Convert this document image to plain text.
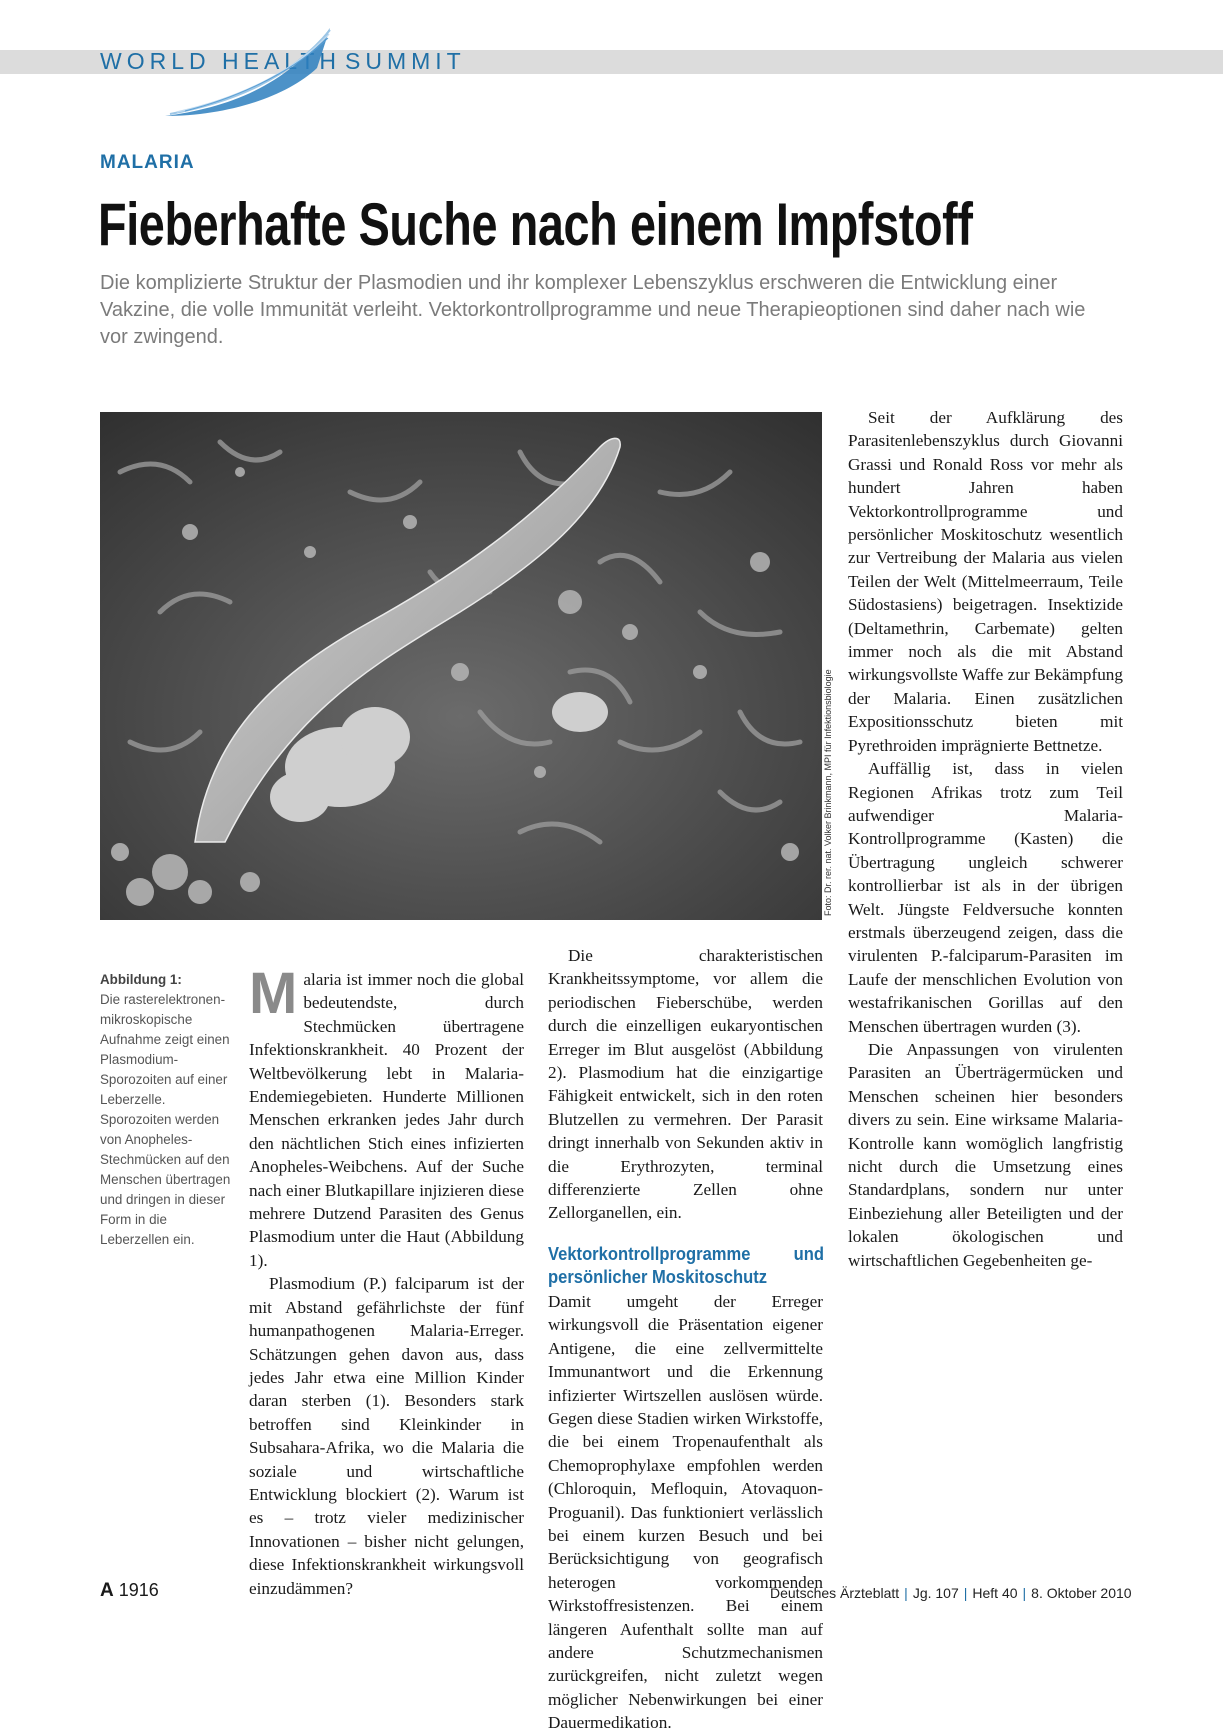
WORLD HEALTH SUMMIT
MALARIA
Fieberhafte Suche nach einem Impfstoff
Die komplizierte Struktur der Plasmodien und ihr komplexer Lebenszyklus erschweren die Entwicklung einer Vakzine, die volle Immunität verleiht. Vektorkontrollprogramme und neue Therapieoptionen sind daher nach wie vor zwingend.
Foto: Dr. rer. nat. Volker Brinkmann, MPI für Infektionsbiologie
Abbildung 1:
Die rasterelektronen-mikroskopische Aufnahme zeigt einen Plasmodium-Sporozoiten auf einer Leberzelle. Sporozoiten werden von Anopheles-Stechmücken auf den Menschen übertragen und dringen in dieser Form in die Leberzellen ein.

Malaria ist immer noch die global bedeutendste, durch Stechmücken übertragene Infektionskrankheit. 40 Prozent der Weltbevölkerung lebt in Malaria-Endemiegebieten. Hunderte Millionen Menschen erkranken jedes Jahr durch den nächtlichen Stich eines infizierten Anopheles-Weibchens. Auf der Suche nach einer Blutkapillare injizieren diese mehrere Dutzend Parasiten des Genus Plasmodium unter die Haut (Abbildung 1).

Plasmodium (P.) falciparum ist der mit Abstand gefährlichste der fünf humanpathogenen Malaria-Erreger. Schätzungen gehen davon aus, dass jedes Jahr etwa eine Million Kinder daran sterben (1). Besonders stark betroffen sind Kleinkinder in Subsahara-Afrika, wo die Malaria die soziale und wirtschaftliche Entwicklung blockiert (2). Warum ist es – trotz vieler medizinischer Innovationen – bisher nicht gelungen, diese Infektionskrankheit wirkungsvoll einzudämmen?

Die charakteristischen Krankheitssymptome, vor allem die periodischen Fieberschübe, werden durch die einzelligen eukaryontischen Erreger im Blut ausgelöst (Abbildung 2). Plasmodium hat die einzigartige Fähigkeit entwickelt, sich in den roten Blutzellen zu vermehren. Der Parasit dringt innerhalb von Sekunden aktiv in die Erythrozyten, terminal differenzierte Zellen ohne Zellorganellen, ein.

Vektorkontrollprogramme und persönlicher Moskitoschutz

Damit umgeht der Erreger wirkungsvoll die Präsentation eigener Antigene, die eine zellvermittelte Immunantwort und die Erkennung infizierter Wirtszellen auslösen würde. Gegen diese Stadien wirken Wirkstoffe, die bei einem Tropenaufenthalt als Chemoprophylaxe empfohlen werden (Chloroquin, Mefloquin, Atovaquon-Proguanil). Das funktioniert verlässlich bei einem kurzen Besuch und bei Berücksichtigung von geografisch heterogen vorkommenden Wirkstoffresistenzen. Bei einem längeren Aufenthalt sollte man auf andere Schutzmechanismen zurückgreifen, nicht zuletzt wegen möglicher Nebenwirkungen bei einer Dauermedikation.

Seit der Aufklärung des Parasitenlebenszyklus durch Giovanni Grassi und Ronald Ross vor mehr als hundert Jahren haben Vektorkontrollprogramme und persönlicher Moskitoschutz wesentlich zur Vertreibung der Malaria aus vielen Teilen der Welt (Mittelmeerraum, Teile Südostasiens) beigetragen. Insektizide (Deltamethrin, Carbemate) gelten immer noch als die mit Abstand wirkungsvollste Waffe zur Bekämpfung der Malaria. Einen zusätzlichen Expositionsschutz bieten mit Pyrethroiden imprägnierte Bettnetze.

Auffällig ist, dass in vielen Regionen Afrikas trotz zum Teil aufwendiger Malaria-Kontrollprogramme (Kasten) die Übertragung ungleich schwerer kontrollierbar ist als in der übrigen Welt. Jüngste Feldversuche konnten erstmals überzeugend zeigen, dass die virulenten P.-falciparum-Parasiten im Laufe der menschlichen Evolution von westafrikanischen Gorillas auf den Menschen übertragen wurden (3).

Die Anpassungen von virulenten Parasiten an Überträgermücken und Menschen scheinen hier besonders divers zu sein. Eine wirksame Malaria-Kontrolle kann womöglich langfristig nicht durch die Umsetzung eines Standardplans, sondern nur unter Einbeziehung aller Beteiligten und der lokalen ökologischen und wirtschaftlichen Gegebenheiten ge-

A 1916	Deutsches Ärzteblatt | Jg. 107 | Heft 40 | 8. Oktober 2010
